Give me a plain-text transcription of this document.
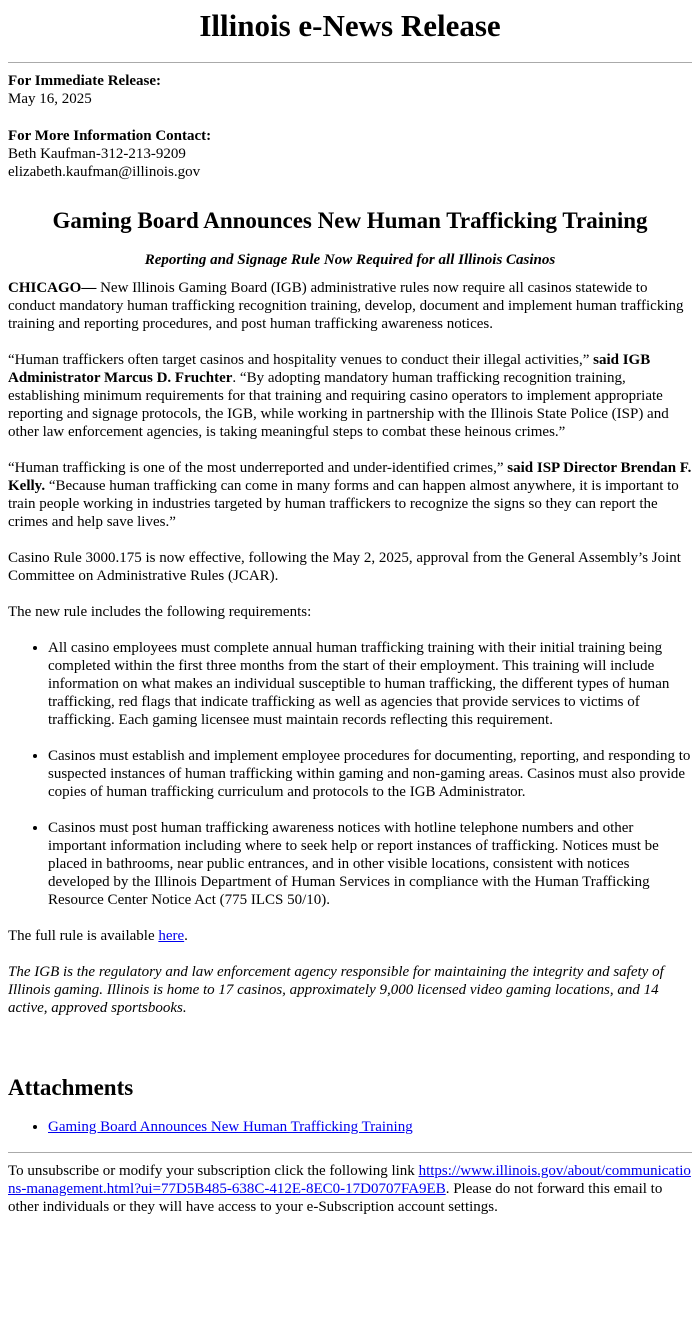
Illinois e-News Release
For Immediate Release:
May 16, 2025
For More Information Contact:
Beth Kaufman-312-213-9209
elizabeth.kaufman@illinois.gov
Gaming Board Announces New Human Trafficking Training
Reporting and Signage Rule Now Required for all Illinois Casinos

CHICAGO— New Illinois Gaming Board (IGB) administrative rules now require all casinos statewide to conduct mandatory human trafficking recognition training, develop, document and implement human trafficking training and reporting procedures, and post human trafficking awareness notices.

“Human traffickers often target casinos and hospitality venues to conduct their illegal activities,” said IGB Administrator Marcus D. Fruchter. “By adopting mandatory human trafficking recognition training, establishing minimum requirements for that training and requiring casino operators to implement appropriate reporting and signage protocols, the IGB, while working in partnership with the Illinois State Police (ISP) and other law enforcement agencies, is taking meaningful steps to combat these heinous crimes.”

“Human trafficking is one of the most underreported and under-identified crimes,” said ISP Director Brendan F. Kelly. “Because human trafficking can come in many forms and can happen almost anywhere, it is important to train people working in industries targeted by human traffickers to recognize the signs so they can report the crimes and help save lives.”

Casino Rule 3000.175 is now effective, following the May 2, 2025, approval from the General Assembly’s Joint Committee on Administrative Rules (JCAR).

The new rule includes the following requirements:

• All casino employees must complete annual human trafficking training with their initial training being completed within the first three months from the start of their employment. This training will include information on what makes an individual susceptible to human trafficking, the different types of human trafficking, red flags that indicate trafficking as well as agencies that provide services to victims of trafficking. Each gaming licensee must maintain records reflecting this requirement.
• Casinos must establish and implement employee procedures for documenting, reporting, and responding to suspected instances of human trafficking within gaming and non-gaming areas. Casinos must also provide copies of human trafficking curriculum and protocols to the IGB Administrator.
• Casinos must post human trafficking awareness notices with hotline telephone numbers and other important information including where to seek help or report instances of trafficking. Notices must be placed in bathrooms, near public entrances, and in other visible locations, consistent with notices developed by the Illinois Department of Human Services in compliance with the Human Trafficking Resource Center Notice Act (775 ILCS 50/10).

The full rule is available here.

The IGB is the regulatory and law enforcement agency responsible for maintaining the integrity and safety of Illinois gaming. Illinois is home to 17 casinos, approximately 9,000 licensed video gaming locations, and 14 active, approved sportsbooks.

Attachments
• Gaming Board Announces New Human Trafficking Training

To unsubscribe or modify your subscription click the following link https://www.illinois.gov/about/communications-management.html?ui=77D5B485-638C-412E-8EC0-17D0707FA9EB. Please do not forward this email to other individuals or they will have access to your e-Subscription account settings.
